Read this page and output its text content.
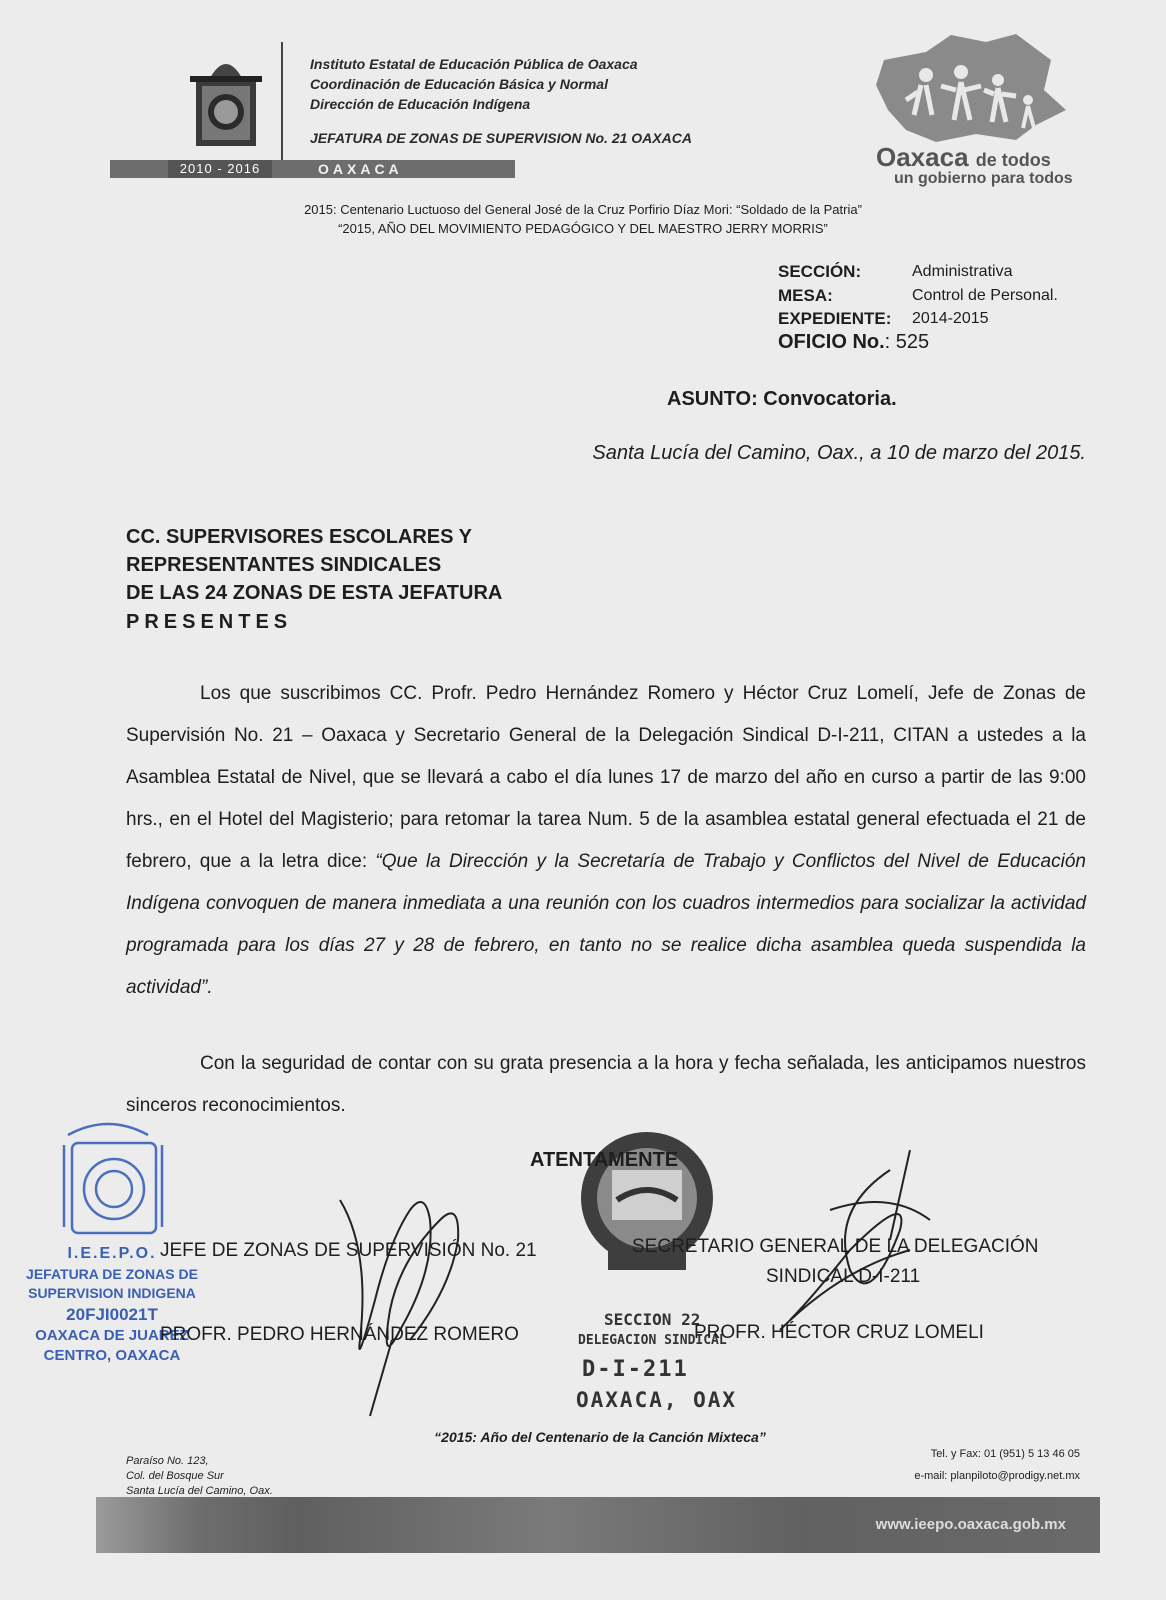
2010 - 2016	OAXACA
Instituto Estatal de Educación Pública de Oaxaca
Coordinación de Educación Básica y Normal
Dirección de Educación Indígena
JEFATURA DE ZONAS DE SUPERVISION No. 21 OAXACA
Oaxaca de todos
un gobierno para todos
2015: Centenario Luctuoso del General José de la Cruz Porfirio Díaz Mori: “Soldado de la Patria”
“2015, AÑO DEL MOVIMIENTO PEDAGÓGICO Y DEL MAESTRO JERRY MORRIS”
SECCIÓN:	Administrativa
MESA:	Control de Personal.
EXPEDIENTE: 2014-2015
OFICIO No.: 525
ASUNTO: Convocatoria.
Santa Lucía del Camino, Oax., a 10 de marzo del 2015.
CC. SUPERVISORES ESCOLARES Y
REPRESENTANTES SINDICALES
DE LAS 24 ZONAS DE ESTA JEFATURA
PRESENTES
Los que suscribimos CC. Profr. Pedro Hernández Romero y Héctor Cruz Lomelí, Jefe de Zonas de Supervisión No. 21 – Oaxaca y Secretario General de la Delegación Sindical D-I-211, CITAN a ustedes a la Asamblea Estatal de Nivel, que se llevará a cabo el día lunes 17 de marzo del año en curso a partir de las 9:00 hrs., en el Hotel del Magisterio; para retomar la tarea Num. 5 de la asamblea estatal general efectuada el 21 de febrero, que a la letra dice: “Que la Dirección y la Secretaría de Trabajo y Conflictos del Nivel de Educación Indígena convoquen de manera inmediata a una reunión con los cuadros intermedios para socializar la actividad programada para los días 27 y 28 de febrero, en tanto no se realice dicha asamblea queda suspendida la actividad”.
Con la seguridad de contar con su grata presencia a la hora y fecha señalada, les anticipamos nuestros sinceros reconocimientos.
I.E.E.P.O.
JEFATURA DE ZONAS DE
SUPERVISION INDIGENA
20FJI0021T
OAXACA DE JUAREZ
CENTRO, OAXACA
S N T E
SECCION 22
DELEGACION SINDICAL
D-I-211
OAXACA, OAX
ATENTAMENTE
JEFE DE ZONAS DE SUPERVISIÓN No. 21
PROFR. PEDRO HERNÁNDEZ ROMERO
SECRETARIO GENERAL DE LA DELEGACIÓN
SINDICAL D-I-211
PROFR. HÉCTOR CRUZ LOMELI
“2015: Año del Centenario de la Canción Mixteca”
Paraíso No. 123,
Col. del Bosque Sur
Santa Lucía del Camino, Oax.
Tel. y Fax: 01 (951) 5 13 46 05
e-mail: planpiloto@prodigy.net.mx
www.ieepo.oaxaca.gob.mx
